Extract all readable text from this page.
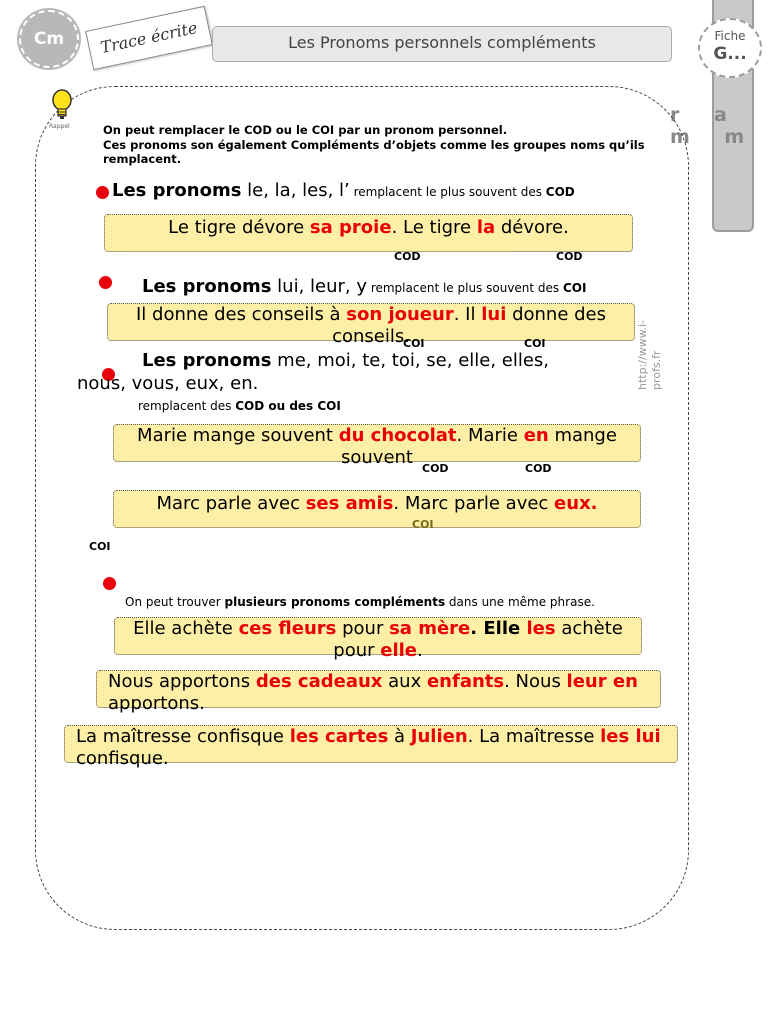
Cm	Trace écrite	Les Pronoms personnels compléments	Fiche
G...
r a m m
http://www.i-profs.fr
Rappel	On peut remplacer le COD ou le COI par un pronom personnel.
Ces pronoms son également Compléments d’objets comme les groupes noms qu’ils remplacent.
Les pronoms le, la, les, l’ remplacent le plus souvent des COD
Le tigre dévore sa proie. Le tigre la dévore.
COD	COD
Les pronoms lui, leur, y remplacent le plus souvent des COI
Il donne des conseils à son joueur. Il lui donne des conseils.
COI	COI
Les pronoms me, moi, te, toi, se, elle, elles,
nous, vous, eux, en.
remplacent des COD ou des COI
Marie mange souvent du chocolat. Marie en mange souvent
COD	COD
Marc parle avec ses amis. Marc parle avec eux.
COI
COI
On peut trouver plusieurs pronoms compléments dans une même phrase.
Elle achète ces fleurs pour sa mère. Elle les achète pour elle.
Nous apportons des cadeaux aux enfants. Nous leur en apportons.
La maîtresse confisque les cartes à Julien. La maîtresse les lui confisque.
